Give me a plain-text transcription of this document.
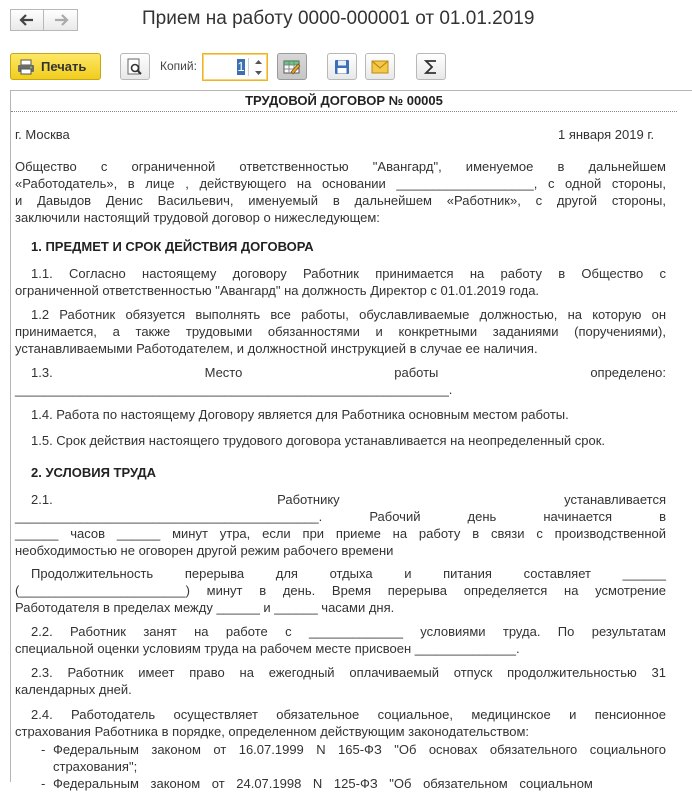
Прием на работу 0000-000001 от 01.01.2019
Печать	Копий:	1
ТРУДОВОЙ ДОГОВОР № 00005
г. Москва	1 января 2019 г.
Общество с ограниченной ответственностью "Авангард", именуемое в дальнейшем
«Работодатель», в лице , действующего на основании ___________________, с одной стороны,
и Давыдов Денис Васильевич, именуемый в дальнейшем «Работник», с другой стороны,
заключили настоящий трудовой договор о нижеследующем:
1. ПРЕДМЕТ И СРОК ДЕЙСТВИЯ ДОГОВОРА
1.1. Согласно настоящему договору Работник принимается на работу в Общество с
ограниченной ответственностью "Авангард" на должность Директор с 01.01.2019 года.
1.2 Работник обязуется выполнять все работы, обуславливаемые должностью, на которую он
принимается, а также трудовыми обязанностями и конкретными заданиями (поручениями),
устанавливаемыми Работодателем, и должностной инструкцией в случае ее наличия.
1.3.	Место	работы	определено:
____________________________________________________________.
1.4. Работа по настоящему Договору является для Работника основным местом работы.
1.5. Срок действия настоящего трудового договора устанавливается на неопределенный срок.
2. УСЛОВИЯ ТРУДА
2.1.	Работнику	устанавливается
__________________________________________. Рабочий день начинается в
______ часов ______ минут утра, если при приеме на работу в связи с производственной
необходимостью не оговорен другой режим рабочего времени
Продолжительность перерыва для отдыха и питания составляет ______
(_______________________) минут в день. Время перерыва определяется на усмотрение
Работодателя в пределах между ______ и ______ часами дня.
2.2. Работник занят на работе с _____________ условиями труда. По результатам
специальной оценки условиям труда на рабочем месте присвоен ______________.
2.3. Работник имеет право на ежегодный оплачиваемый отпуск продолжительностью 31
календарных дней.
2.4. Работодатель осуществляет обязательное социальное, медицинское и пенсионное
страхования Работника в порядке, определенном действующим законодательством:
- Федеральным законом от 16.07.1999 N 165-ФЗ "Об основах обязательного социального
страхования";
- Федеральным законом от 24.07.1998 N 125-ФЗ "Об обязательном социальном
